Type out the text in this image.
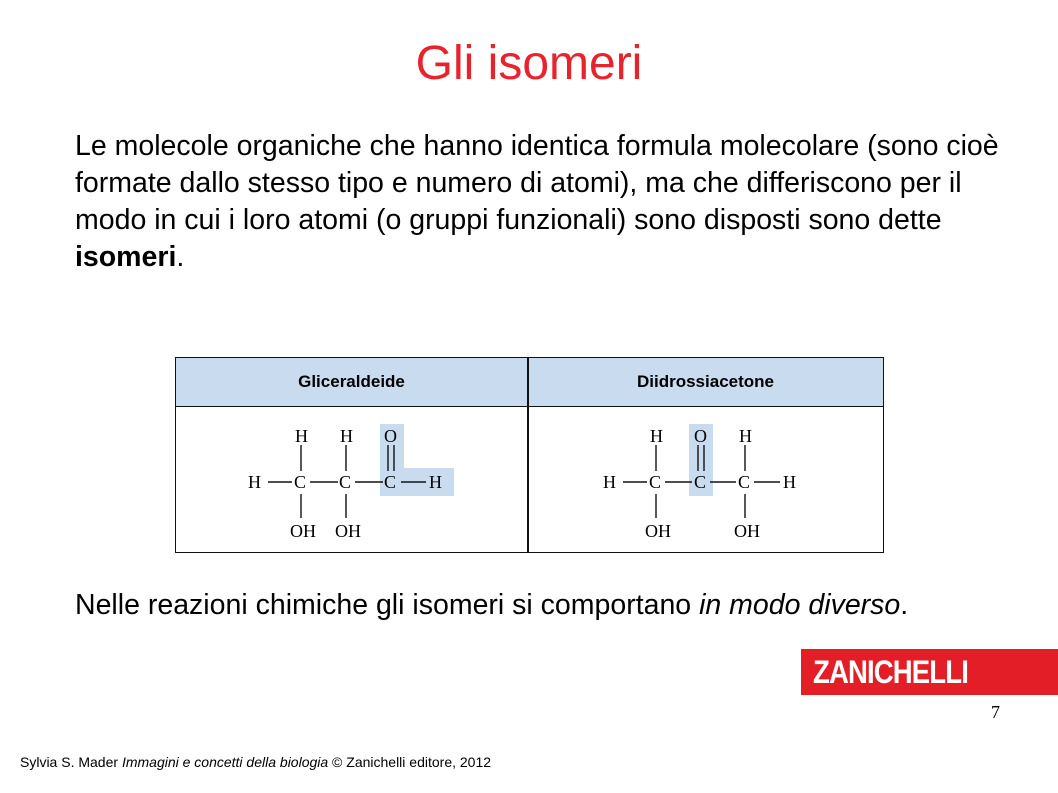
Gli isomeri
Le molecole organiche che hanno identica formula molecolare (sono cioè formate dallo stesso tipo e numero di atomi), ma che differiscono per il modo in cui i loro atomi (o gruppi funzionali) sono disposti sono dette isomeri.
Gliceraldeide	Diidrossiacetone
H H O
H C C C H
OH OH
H O H
H C C C H
OH	OH
Nelle reazioni chimiche gli isomeri si comportano in modo diverso.
ZANICHELLI
7
Sylvia S. Mader Immagini e concetti della biologia © Zanichelli editore, 2012
